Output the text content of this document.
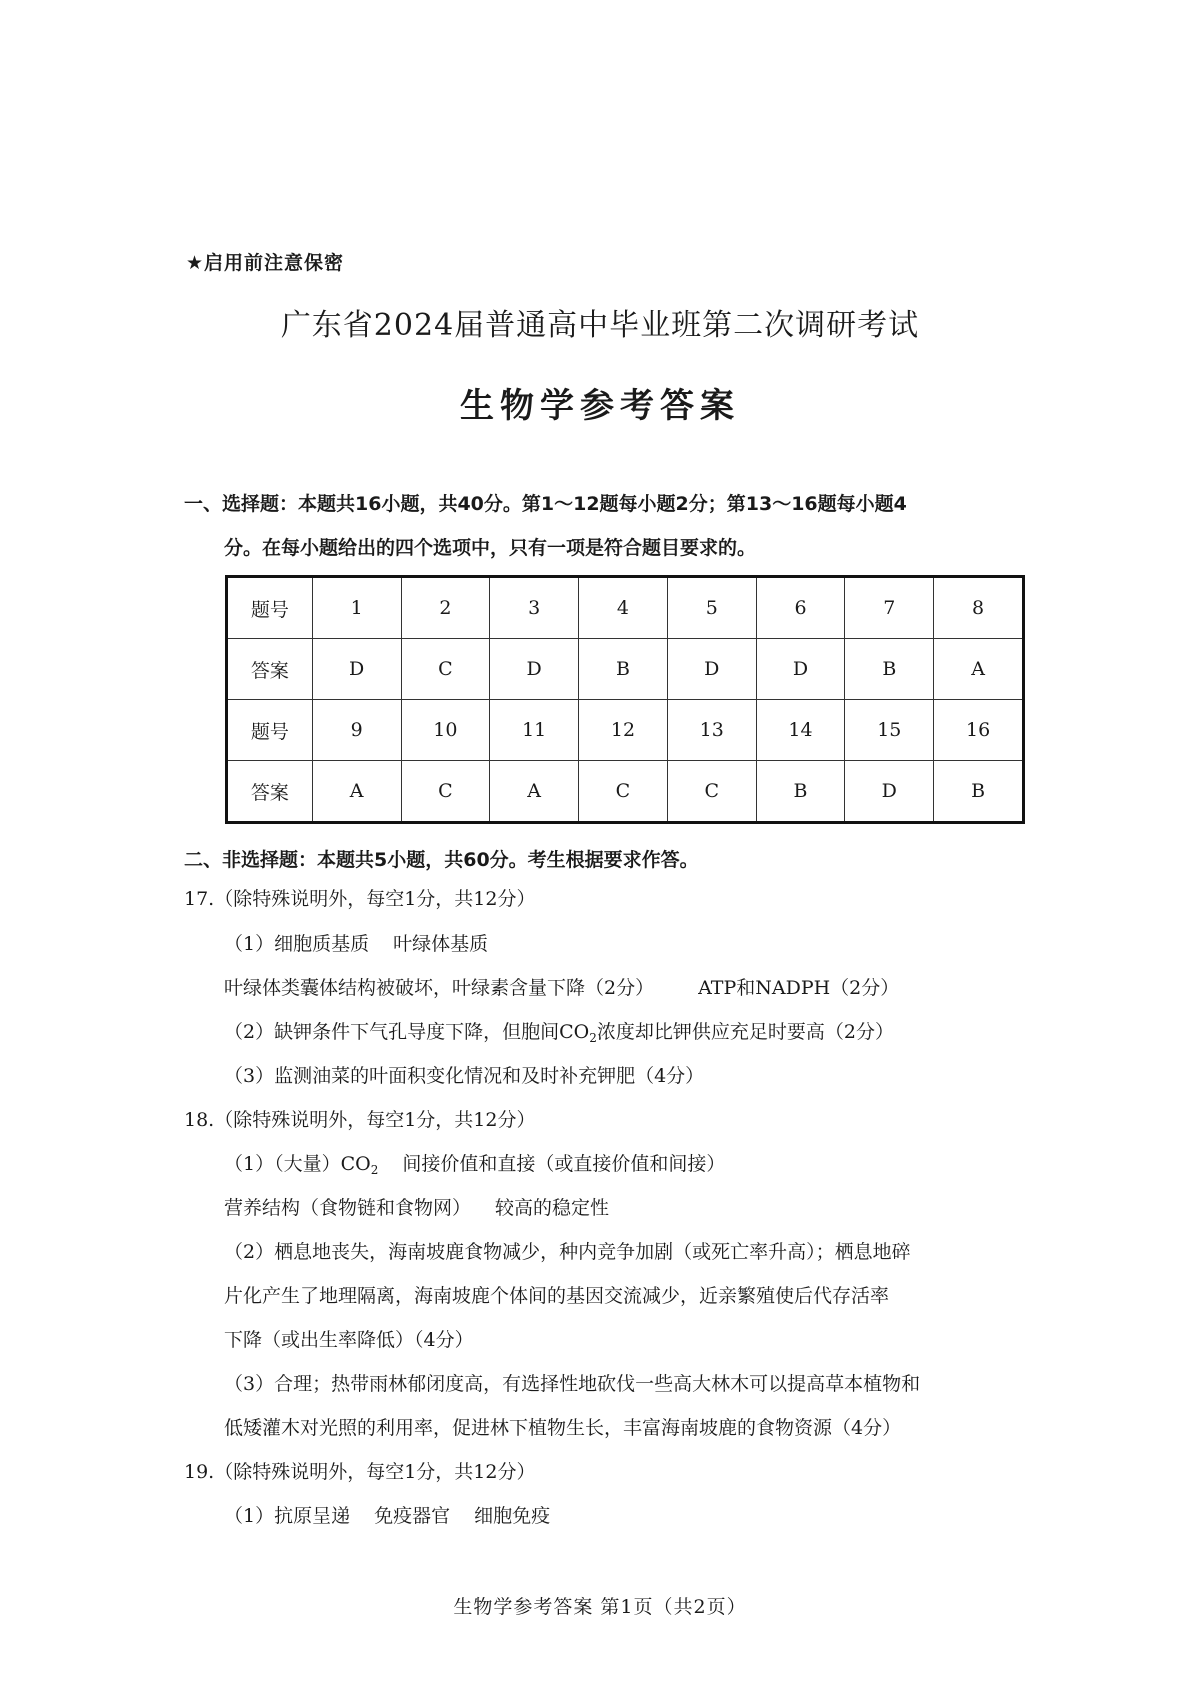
★启用前注意保密
广东省2024届普通高中毕业班第二次调研考试
生物学参考答案
一、选择题：本题共16小题，共40分。第1～12题每小题2分；第13～16题每小题4
分。在每小题给出的四个选项中，只有一项是符合题目要求的。
题号	1	2	3	4	5	6	7	8
答案	D	C	D	B	D	D	B	A
题号	9	10	11	12	13	14	15	16
答案	A	C	A	C	C	B	D	B
二、非选择题：本题共5小题，共60分。考生根据要求作答。
17.（除特殊说明外，每空1分，共12分）
（1）细胞质基质 叶绿体基质
叶绿体类囊体结构被破坏，叶绿素含量下降（2分） ATP和NADPH（2分）
（2）缺钾条件下气孔导度下降，但胞间$CO_2$浓度却比钾供应充足时要高（2分）
（3）监测油菜的叶面积变化情况和及时补充钾肥（4分）
18.（除特殊说明外，每空1分，共12分）
（1）（大量）$CO_2$ 间接价值和直接（或直接价值和间接）
营养结构（食物链和食物网） 较高的稳定性
（2）栖息地丧失，海南坡鹿食物减少，种内竞争加剧（或死亡率升高）；栖息地碎
片化产生了地理隔离，海南坡鹿个体间的基因交流减少，近亲繁殖使后代存活率
下降（或出生率降低）（4分）
（3）合理；热带雨林郁闭度高，有选择性地砍伐一些高大林木可以提高草本植物和
低矮灌木对光照的利用率，促进林下植物生长，丰富海南坡鹿的食物资源（4分）
19.（除特殊说明外，每空1分，共12分）
（1）抗原呈递 免疫器官 细胞免疫
生物学参考答案 第1页（共2页）
